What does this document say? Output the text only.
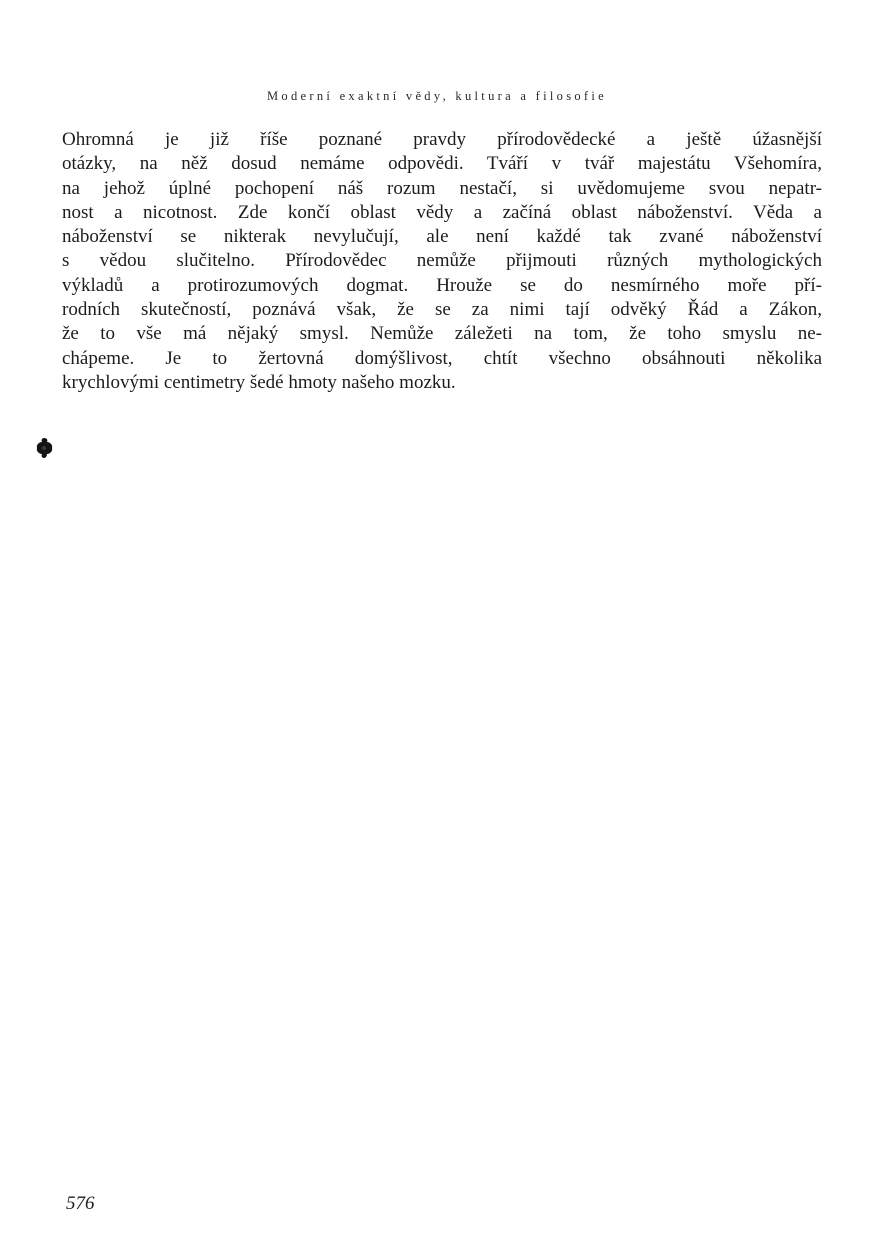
Moderní exaktní vědy, kultura a filosofie
Ohromná je již říše poznané pravdy přírodovědecké a ještě úžasnější
otázky, na něž dosud nemáme odpovědi. Tváří v tvář majestátu Všehomíra,
na jehož úplné pochopení náš rozum nestačí, si uvědomujeme svou nepatr-
nost a nicotnost. Zde končí oblast vědy a začíná oblast náboženství. Věda a
náboženství se nikterak nevylučují, ale není každé tak zvané náboženství
s vědou slučitelno. Přírodovědec nemůže přijmouti různých mythologických
výkladů a protirozumových dogmat. Hrouže se do nesmírného moře pří-
rodních skutečností, poznává však, že se za nimi tají odvěký Řád a Zákon,
že to vše má nějaký smysl. Nemůže záležeti na tom, že toho smyslu ne-
chápeme. Je to žertovná domýšlivost, chtít všechno obsáhnouti několika
krychlovými centimetry šedé hmoty našeho mozku.
576
